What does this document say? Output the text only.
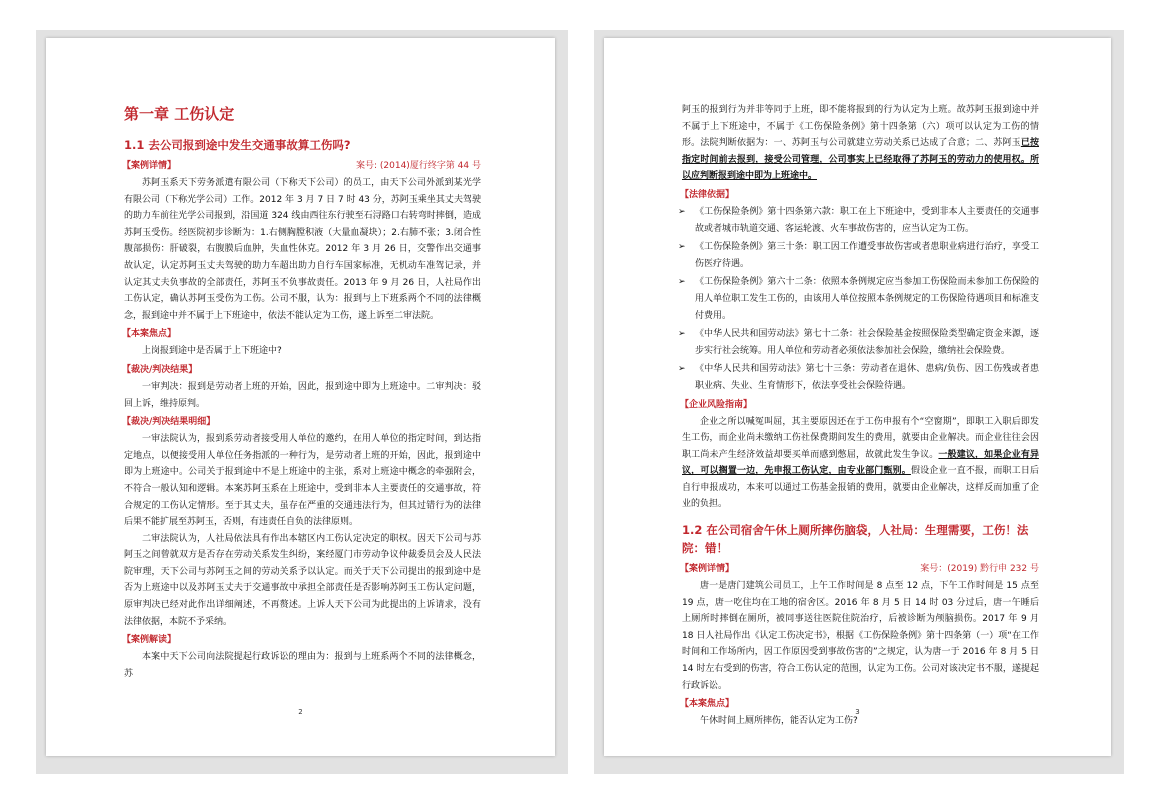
第一章 工伤认定
1.1 去公司报到途中发生交通事故算工伤吗?
【案例详情】	案号: (2014)厦行终字第 44 号

苏阿玉系天下劳务派遣有限公司（下称天下公司）的员工，由天下公司外派到某光学有限公司（下称光学公司）工作。2012 年 3 月 7 日 7 时 43 分，苏阿玉乘坐其丈夫驾驶的助力车前往光学公司报到，沿国道 324 线由西往东行驶至石浔路口右转弯时摔倒，造成苏阿玉受伤。经医院初步诊断为：1.右侧胸膛积液（大量血凝块）；2.右肺不张；3.闭合性腹部损伤：肝破裂，右腹膜后血肿，失血性休克。2012 年 3 月 26 日，交警作出交通事故认定，认定苏阿玉丈夫驾驶的助力车超出助力自行车国家标准，无机动车准驾记录，并认定其丈夫负事故的全部责任，苏阿玉不负事故责任。2013 年 9 月 26 日，人社局作出工伤认定，确认苏阿玉受伤为工伤。公司不服，认为：报到与上下班系两个不同的法律概念，报到途中并不属于上下班途中，依法不能认定为工伤，遂上诉至二审法院。

【本案焦点】

上岗报到途中是否属于上下班途中?

【裁决/判决结果】

一审判决：报到是劳动者上班的开始，因此，报到途中即为上班途中。二审判决：驳回上诉，维持原判。

【裁决/判决结果明细】

一审法院认为，报到系劳动者接受用人单位的邀约，在用人单位的指定时间，到达指定地点，以便接受用人单位任务指派的一种行为，是劳动者上班的开始，因此，报到途中即为上班途中。公司关于报到途中不是上班途中的主张，系对上班途中概念的牵强附会，不符合一般认知和逻辑。本案苏阿玉系在上班途中，受到非本人主要责任的交通事故，符合规定的工伤认定情形。至于其丈夫，虽存在严重的交通违法行为，但其过错行为的法律后果不能扩展至苏阿玉，否则，有违责任自负的法律原则。

二审法院认为，人社局依法具有作出本辖区内工伤认定决定的职权。因天下公司与苏阿玉之间曾就双方是否存在劳动关系发生纠纷，案经厦门市劳动争议仲裁委员会及人民法院审理，天下公司与苏阿玉之间的劳动关系予以认定。而关于天下公司提出的报到途中是否为上班途中以及苏阿玉丈夫于交通事故中承担全部责任是否影响苏阿玉工伤认定问题，原审判决已经对此作出详细阐述，不再赘述。上诉人天下公司为此提出的上诉请求，没有法律依据，本院不予采纳。

【案例解读】

本案中天下公司向法院提起行政诉讼的理由为：报到与上班系两个不同的法律概念，苏

2

阿玉的报到行为并非等同于上班，即不能将报到的行为认定为上班。故苏阿玉报到途中并不属于上下班途中，不属于《工伤保险条例》第十四条第（六）项可以认定为工伤的情形。法院判断依据为：一、苏阿玉与公司就建立劳动关系已达成了合意；二、苏阿玉已按指定时间前去报到，接受公司管理，公司事实上已经取得了苏阿玉的劳动力的使用权。所以应判断报到途中即为上班途中。

【法律依据】
➢ 《工伤保险条例》第十四条第六款：职工在上下班途中，受到非本人主要责任的交通事故或者城市轨道交通、客运轮渡、火车事故伤害的，应当认定为工伤。
➢ 《工伤保险条例》第三十条：职工因工作遭受事故伤害或者患职业病进行治疗，享受工伤医疗待遇。
➢ 《工伤保险条例》第六十二条：依照本条例规定应当参加工伤保险而未参加工伤保险的用人单位职工发生工伤的，由该用人单位按照本条例规定的工伤保险待遇项目和标准支付费用。
➢ 《中华人民共和国劳动法》第七十二条：社会保险基金按照保险类型确定资金来源，逐步实行社会统筹。用人单位和劳动者必须依法参加社会保险，缴纳社会保险费。
➢ 《中华人民共和国劳动法》第七十三条：劳动者在退休、患病/负伤、因工伤残或者患职业病、失业、生育情形下，依法享受社会保险待遇。
【企业风险指南】

企业之所以喊冤叫屈，其主要原因还在于工伤申报有个“空窗期”，即职工入职后即发生工伤，而企业尚未缴纳工伤社保费期间发生的费用，就要由企业解决。而企业往往会因职工尚未产生经济效益却要买单而感到憋屈，故就此发生争议。一般建议，如果企业有异议，可以搁置一边，先申报工伤认定，由专业部门甄别。假设企业一直不报，而职工日后自行申报成功，本来可以通过工伤基金报销的费用，就要由企业解决，这样反而加重了企业的负担。

1.2 在公司宿舍午休上厕所摔伤脑袋，人社局：生理需要，工伤！法院：错！
【案例详情】	案号：(2019) 黔行申 232 号

唐一是唐门建筑公司员工，上午工作时间是 8 点至 12 点，下午工作时间是 15 点至 19 点，唐一吃住均在工地的宿舍区。2016 年 8 月 5 日 14 时 03 分过后，唐一午睡后上厕所时摔倒在厕所，被同事送往医院住院治疗，后被诊断为颅脑损伤。2017 年 9 月 18 日人社局作出《认定工伤决定书》，根据《工伤保险条例》第十四条第（一）项“在工作时间和工作场所内，因工作原因受到事故伤害的”之规定，认为唐一于 2016 年 8 月 5 日 14 时左右受到的伤害，符合工伤认定的范围，认定为工伤。公司对该决定书不服，遂提起行政诉讼。

【本案焦点】

午休时间上厕所摔伤，能否认定为工伤?

3
